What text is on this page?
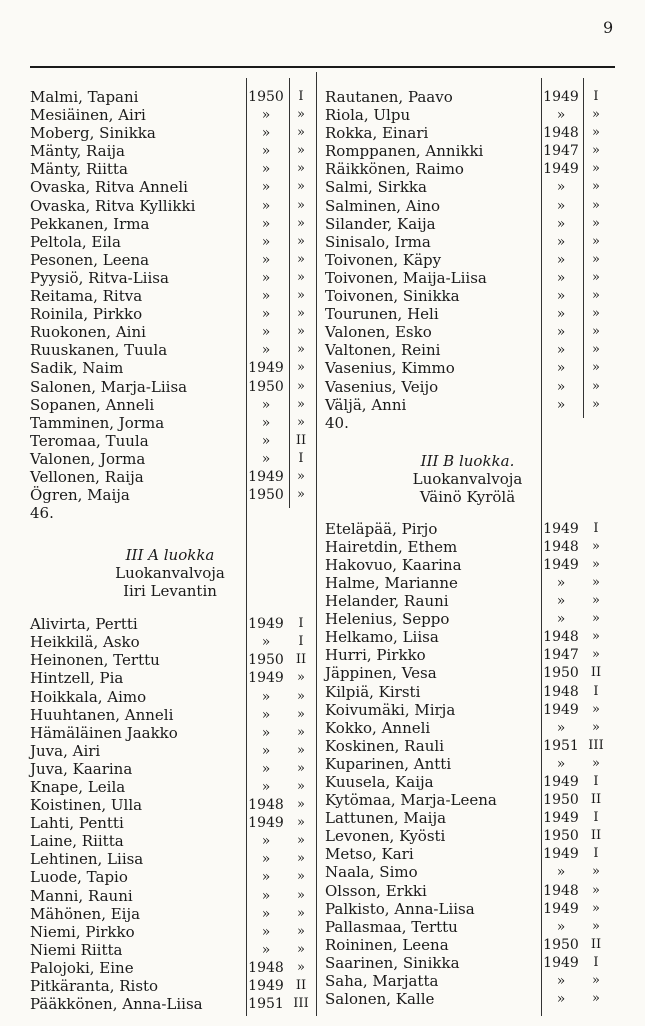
9
Malmi, Tapani	1950	I
Mesiäinen, Airi	»	»
Moberg, Sinikka	»	»
Mänty, Raija	»	»
Mänty, Riitta	»	»
Ovaska, Ritva Anneli	»	»
Ovaska, Ritva Kyllikki	»	»
Pekkanen, Irma	»	»
Peltola, Eila	»	»
Pesonen, Leena	»	»
Pyysiö, Ritva-Liisa	»	»
Reitama, Ritva	»	»
Roinila, Pirkko	»	»
Ruokonen, Aini	»	»
Ruuskanen, Tuula	»	»
Sadik, Naim	1949	»
Salonen, Marja-Liisa	1950	»
Sopanen, Anneli	»	»
Tamminen, Jorma	»	»
Teromaa, Tuula	»	II
Valonen, Jorma	»	I
Vellonen, Raija	1949	»
Ögren, Maija	1950	»
46.
III A luokka
Luokanvalvoja
Iiri Levantin
Alivirta, Pertti	1949	I
Heikkilä, Asko	»	I
Heinonen, Terttu	1950 II
Hintzell, Pia	1949	»
Hoikkala, Aimo	»	»
Huuhtanen, Anneli	»	»
Hämäläinen Jaakko	»	»
Juva, Airi	»	»
Juva, Kaarina	»	»
Knape, Leila	»	»
Koistinen, Ulla	1948	»
Lahti, Pentti	1949	»
Laine, Riitta	»	»
Lehtinen, Liisa	»	»
Luode, Tapio	»	»
Manni, Rauni	»	»
Mähönen, Eija	»	»
Niemi, Pirkko	»	»
Niemi Riitta	»	»
Palojoki, Eine	1948	»
Pitkäranta, Risto	1949 II
Pääkkönen, Anna-Liisa	1951 III
Rautanen, Paavo	1949	I
Riola, Ulpu	»	»
Rokka, Einari	1948	»
Romppanen, Annikki	1947	»
Räikkönen, Raimo	1949	»
Salmi, Sirkka	»	»
Salminen, Aino	»	»
Silander, Kaija	»	»
Sinisalo, Irma	»	»
Toivonen, Käpy	»	»
Toivonen, Maija-Liisa	»	»
Toivonen, Sinikka	»	»
Tourunen, Heli	»	»
Valonen, Esko	»	»
Valtonen, Reini	»	»
Vasenius, Kimmo	»	»
Vasenius, Veijo	»	»
Väljä, Anni	»	»
40.
III B luokka.
Luokanvalvoja
Väinö Kyrölä
Eteläpää, Pirjo	1949	I
Hairetdin, Ethem	1948	»
Hakovuo, Kaarina	1949	»
Halme, Marianne	»	»
Helander, Rauni	»	»
Helenius, Seppo	»	»
Helkamo, Liisa	1948	»
Hurri, Pirkko	1947	»
Jäppinen, Vesa	1950 II
Kilpiä, Kirsti	1948	I
Koivumäki, Mirja	1949	»
Kokko, Anneli	»	»
Koskinen, Rauli	1951 III
Kuparinen, Antti	»	»
Kuusela, Kaija	1949	I
Kytömaa, Marja-Leena	1950 II
Lattunen, Maija	1949	I
Levonen, Kyösti	1950 II
Metso, Kari	1949	I
Naala, Simo	»	»
Olsson, Erkki	1948	»
Palkisto, Anna-Liisa	1949	»
Pallasmaa, Terttu	»	»
Roininen, Leena	1950 II
Saarinen, Sinikka	1949	I
Saha, Marjatta	»	»
Salonen, Kalle	»	»
